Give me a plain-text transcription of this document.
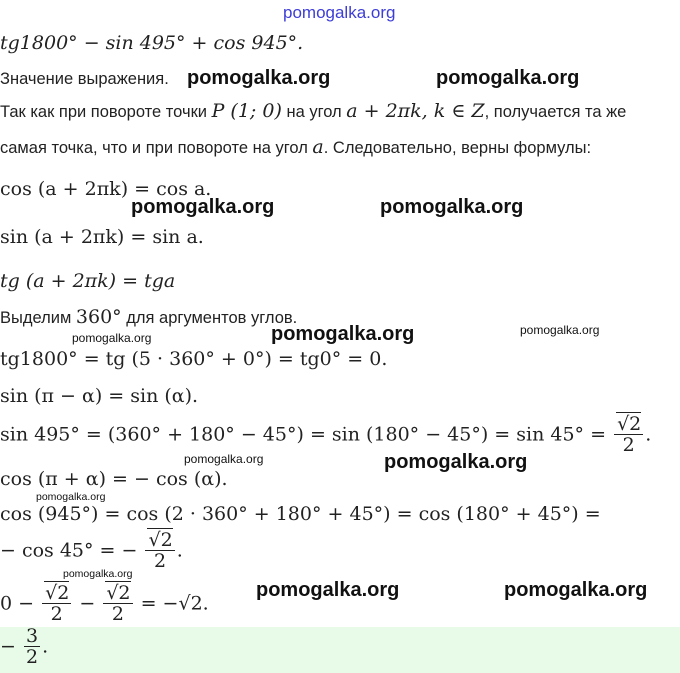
pomogalka.org
tg1800° − sin 495° + cos 945°.
Значение выражения.
Так как при повороте точки P (1; 0) на угол a + 2πk, k ∈ Z, получается та же
самая точка, что и при повороте на угол a. Следовательно, верны формулы:
cos (a + 2πk) = cos a.
sin (a + 2πk) = sin a.
tg (a + 2πk) = tga
Выделим 360° для аргументов углов.
tg1800° = tg (5 · 360° + 0°) = tg0° = 0.
sin (π − α) = sin (α).
$\sin 495^\circ = (360^\circ + 180^\circ - 45^\circ) = \sin (180^\circ - 45^\circ) = \sin 45^\circ = \frac{√2}{2}$ .
cos (π + α) = − cos (α).
cos (945°) = cos (2 · 360° + 180° + 45°) = cos (180° + 45°) =
− cos 45° = − $\frac{√2}{2}$ .
$0 - \frac{√2}{2} - \frac{√2}{2} = -√2$.
− $\frac{3}{2}$ .
pomogalka.org	pomogalka.org
pomogalka.org	pomogalka.org
pomogalka.org	pomogalka.org
pomogalka.org
pomogalka.org	pomogalka.org
pomogalka.org
pomogalka.org
pomogalka.org	pomogalka.org
